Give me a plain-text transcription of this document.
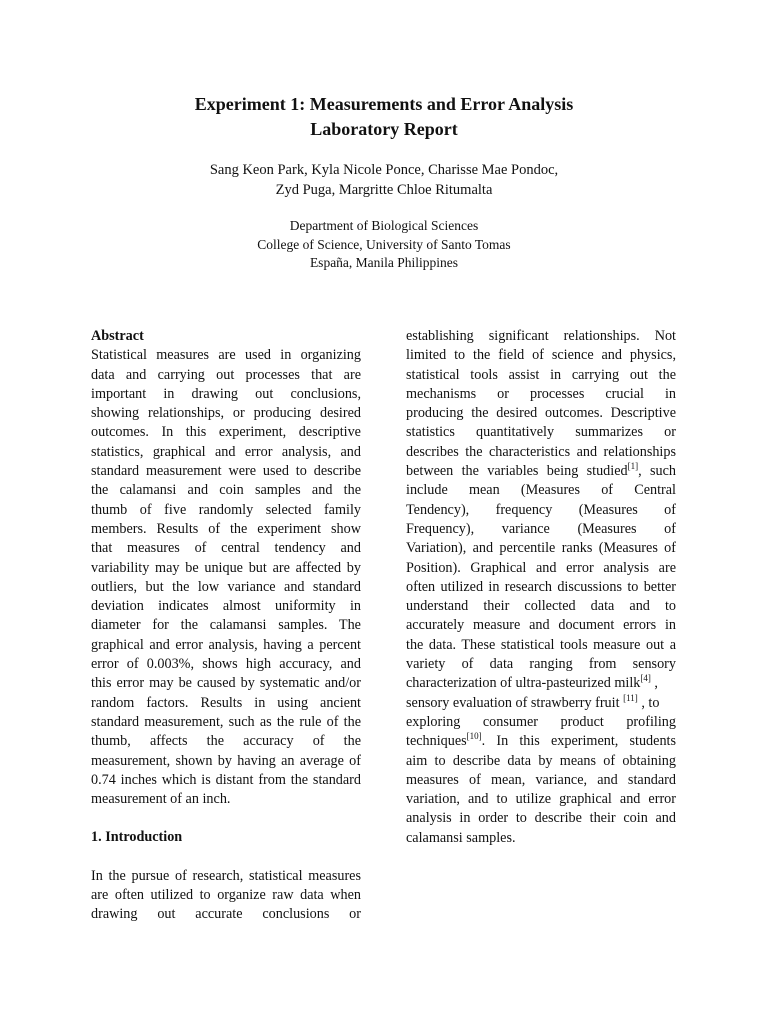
Experiment 1: Measurements and Error Analysis
Laboratory Report
Sang Keon Park, Kyla Nicole Ponce, Charisse Mae Pondoc,
Zyd Puga, Margritte Chloe Ritumalta
Department of Biological Sciences
College of Science, University of Santo Tomas
España, Manila Philippines
Abstract
Statistical measures are used in organizing
data and carrying out processes that are
important in drawing out conclusions,
showing relationships, or producing desired
outcomes. In this experiment, descriptive
statistics, graphical and error analysis, and
standard measurement were used to describe
the calamansi and coin samples and the
thumb of five randomly selected family
members. Results of the experiment show
that measures of central tendency and
variability may be unique but are affected by
outliers, but the low variance and standard
deviation indicates almost uniformity in
diameter for the calamansi samples. The
graphical and error analysis, having a percent
error of 0.003%, shows high accuracy, and
this error may be caused by systematic and/or
random factors. Results in using ancient
standard measurement, such as the rule of the
thumb, affects the accuracy of the
measurement, shown by having an average of
0.74 inches which is distant from the standard
measurement of an inch.
1. Introduction
In the pursue of research, statistical measures
are often utilized to organize raw data when
drawing out accurate conclusions or
establishing significant relationships. Not
limited to the field of science and physics,
statistical tools assist in carrying out the
mechanisms or processes crucial in
producing the desired outcomes. Descriptive
statistics quantitatively summarizes or
describes the characteristics and relationships
between the variables being studied[1], such
include mean (Measures of Central
Tendency), frequency (Measures of
Frequency), variance (Measures of
Variation), and percentile ranks (Measures of
Position). Graphical and error analysis are
often utilized in research discussions to better
understand their collected data and to
accurately measure and document errors in
the data. These statistical tools measure out a
variety of data ranging from sensory
characterization of ultra-pasteurized milk[4] ,
sensory evaluation of strawberry fruit [11] , to
exploring consumer product profiling
techniques[10]. In this experiment, students
aim to describe data by means of obtaining
measures of mean, variance, and standard
variation, and to utilize graphical and error
analysis in order to describe their coin and
calamansi samples.
